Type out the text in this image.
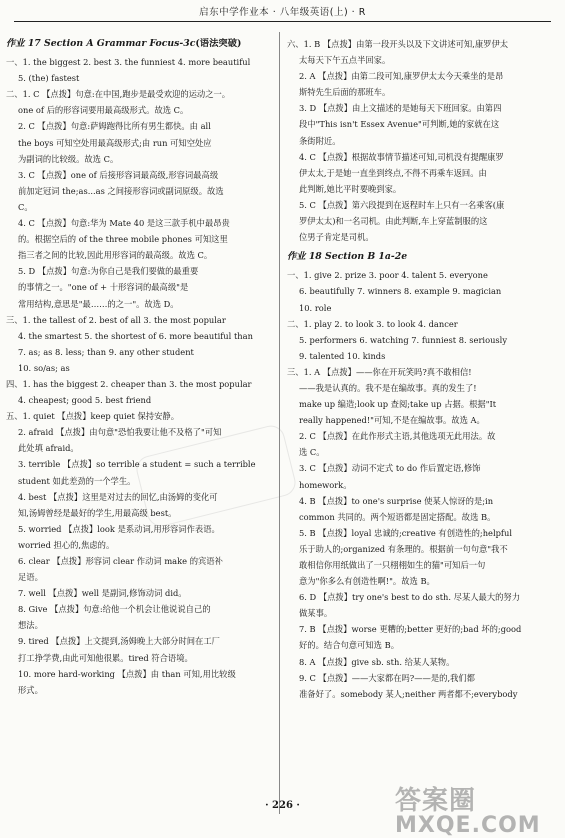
启东中学作业本 · 八年级英语(上) · R
作业 17 Section A Grammar Focus-3c(语法突破)
一、1. the biggest 2. best 3. the funniest 4. more beautiful
5. (the) fastest
二、1. C 【点拨】句意:在中国,跑步是最受欢迎的运动之一。
one of 后的形容词要用最高级形式。故选 C。
2. C 【点拨】句意:萨姆跑得比所有男生都快。由 all
the boys 可知空处用最高级形式;由 run 可知空处应
为副词的比较级。故选 C。
3. C 【点拨】one of 后接形容词最高级,形容词最高级
前加定冠词 the;as...as 之间接形容词或副词原级。故选
C。
4. C 【点拨】句意:华为 Mate 40 是这三款手机中最昂贵
的。根据空后的 of the three mobile phones 可知这里
指三者之间的比较,因此用形容词的最高级。故选 C。
5. D 【点拨】句意:为你自己是我们要做的最重要
的事情之一。"one of + 十形容词的最高级"是
常用结构,意思是"最……的之一"。故选 D。
三、1. the tallest of 2. best of all 3. the most popular
4. the smartest 5. the shortest of 6. more beautiful than
7. as; as 8. less; than 9. any other student
10. so/as; as
四、1. has the biggest 2. cheaper than 3. the most popular
4. cheapest; good 5. best friend
五、1. quiet 【点拨】keep quiet 保持安静。
2. afraid 【点拨】由句意"恐怕我要让他不及格了"可知
此处填 afraid。
3. terrible 【点拨】so terrible a student = such a terrible
student 如此差劲的一个学生。
4. best 【点拨】这里是对过去的回忆,由汤姆的变化可
知,汤姆曾经是最好的学生,用最高级 best。
5. worried 【点拨】look 是系动词,用形容词作表语。
worried 担心的,焦虑的。
6. clear 【点拨】形容词 clear 作动词 make 的宾语补
足语。
7. well 【点拨】well 是副词,修饰动词 did。
8. Give 【点拨】句意:给他一个机会让他说说自己的
想法。
9. tired 【点拨】上文提到,汤姆晚上大部分时间在工厂
打工挣学费,由此可知他很累。tired 符合语境。
10. more hard-working 【点拨】由 than 可知,用比较级
形式。
六、1. B 【点拨】由第一段开头以及下文讲述可知,康罗伊太
太每天下午五点半回家。
2. A 【点拨】由第二段可知,康罗伊太太今天乘坐的是昂
斯特先生后面的那班车。
3. D 【点拨】由上文描述的是她每天下班回家。由第四
段中"This isn't Essex Avenue"可判断,她的家就在这
条街附近。
4. C 【点拨】根据故事情节描述可知,司机没有提醒康罗
伊太太,于是她一直坐到终点,不得不再乘车返回。由
此判断,她比平时要晚到家。
5. C 【点拨】第六段提到在返程时车上只有一名乘客(康
罗伊太太)和一名司机。由此判断,车上穿蓝制服的这
位男子肯定是司机。
作业 18 Section B 1a-2e
一、1. give 2. prize 3. poor 4. talent 5. everyone
6. beautifully 7. winners 8. example 9. magician
10. role
二、1. play 2. to look 3. to look 4. dancer
5. performers 6. watching 7. funniest 8. seriously
9. talented 10. kinds
三、1. A 【点拨】——你在开玩笑吗?真不敢相信!
——我是认真的。我不是在编故事。真的发生了!
make up 编造;look up 查阅;take up 占据。根据"It
really happened!"可知,不是在编故事。故选 A。
2. C 【点拨】在此作形式主语,其他选项无此用法。故
选 C。
3. C 【点拨】动词不定式 to do 作后置定语,修饰
homework。
4. B 【点拨】to one's surprise 使某人惊讶的是;in
common 共同的。两个短语都是固定搭配。故选 B。
5. B 【点拨】loyal 忠诚的;creative 有创造性的;helpful
乐于助人的;organized 有条理的。根据前一句句意"我不
敢相信你用纸做出了一只栩栩如生的猫"可知后一句
意为"你多么有创造性啊!"。故选 B。
6. D 【点拨】try one's best to do sth. 尽某人最大的努力
做某事。
7. B 【点拨】worse 更糟的;better 更好的;bad 坏的;good
好的。结合句意可知选 B。
8. A 【点拨】give sb. sth. 给某人某物。
9. C 【点拨】——大家都在吗?——是的,我们都
准备好了。somebody 某人;neither 两者都不;everybody
答案圈
MXQE.COM
· 226 ·
